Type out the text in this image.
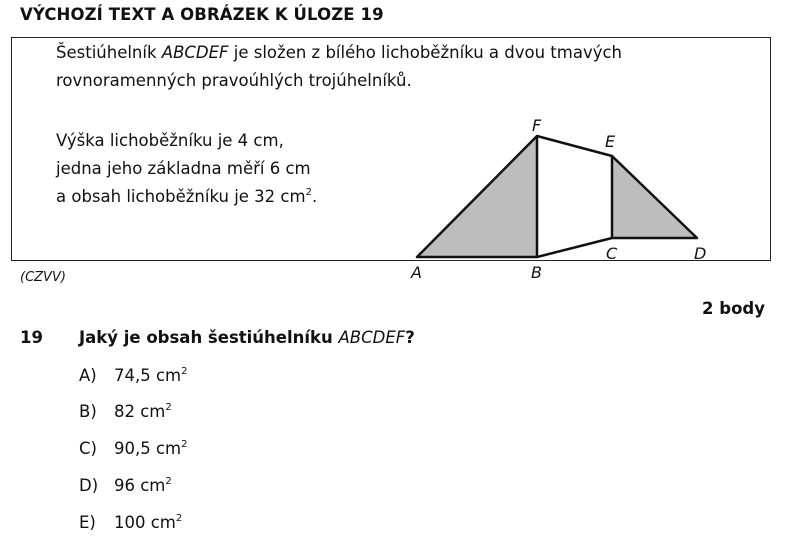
VÝCHOZÍ TEXT A OBRÁZEK K ÚLOZE 19
Šestiúhelník ABCDEF je složen z bílého lichoběžníku a dvou tmavých
rovnoramenných pravoúhlých trojúhelníků.
Výška lichoběžníku je 4 cm,
jedna jeho základna měří 6 cm
a obsah lichoběžníku je 32 $cm^2$.
A	B
C	D
E
F
(CZVV)
2 body
19 Jaký je obsah šestiúhelníku ABCDEF?
A) 74,5 $cm^2$
B) 82 $cm^2$
C) 90,5 $cm^2$
D) 96 $cm^2$
E) 100 $cm^2$
